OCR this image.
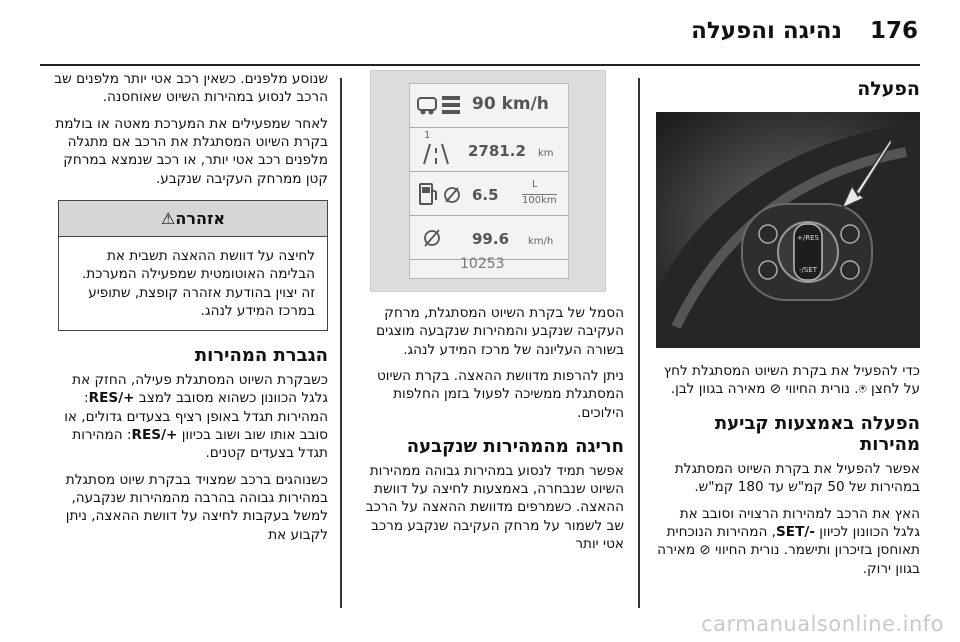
נהיגה והפעלה 176
הפעלה
RES/+
SET/-

כדי להפעיל את בקרת השיוט המסתגלת לחץ על לחצן ⍟. נורית החיווי ⊘ מאירה בגוון לבן.

הפעלה באמצעות קביעת מהירות

אפשר להפעיל את בקרת השיוט המסתגלת במהירות של 50 קמ"ש עד 180 קמ"ש.

האץ את הרכב למהירות הרצויה וסובב את גלגל הכוונון לכיוון -/SET, המהירות הנוכחית תאוחסן בזיכרון ותישמר. נורית החיווי ⊘ מאירה בגוון ירוק.

90 km/h
1
2781.2 km
6.5
L
100km
99.6 km/h
10253

הסמל של בקרת השיוט המסתגלת, מרחק העקיבה שנקבע והמהירות שנקבעה מוצגים בשורה העליונה של מרכז המידע לנהג.

ניתן להרפות מדוושת ההאצה. בקרת השיוט המסתגלת ממשיכה לפעול בזמן החלפות הילוכים.

חריגה מהמהירות שנקבעה

אפשר תמיד לנסוע במהירות גבוהה ממהירות השיוט שנבחרה, באמצעות לחיצה על דוושת ההאצה. כשמרפים מדוושת ההאצה על הרכב שב לשמור על מרחק העקיבה שנקבע מרכב אטי יותר

שנוסע מלפנים. כשאין רכב אטי יותר מלפנים שב הרכב לנסוע במהירות השיוט שאוחסנה.

לאחר שמפעילים את המערכת מאטה או בולמת בקרת השיוט המסתגלת את הרכב אם מתגלה מלפנים רכב אטי יותר, או רכב שנמצא במרחק קטן ממרחק העקיבה שנקבע.

אזהרה⚠
לחיצה על דוושת ההאצה תשבית את הבלימה האוטומטית שמפעילה המערכת. זה יצוין בהודעת אזהרה קופצת, שתופיע במרכז המידע לנהג.
הגברת המהירות

כשבקרת השיוט המסתגלת פעילה, החזק את גלגל הכוונון כשהוא מסובב למצב +/RES: המהירות תגדל באופן רציף בצעדים גדולים, או סובב אותו שוב ושוב בכיוון +/RES: המהירות תגדל בצעדים קטנים.

כשנוהגים ברכב שמצויד בבקרת שיוט מסתגלת במהירות גבוהה בהרבה מהמהירות שנקבעה, למשל בעקבות לחיצה על דוושת ההאצה, ניתן לקבוע את

carmanualsonline.info
